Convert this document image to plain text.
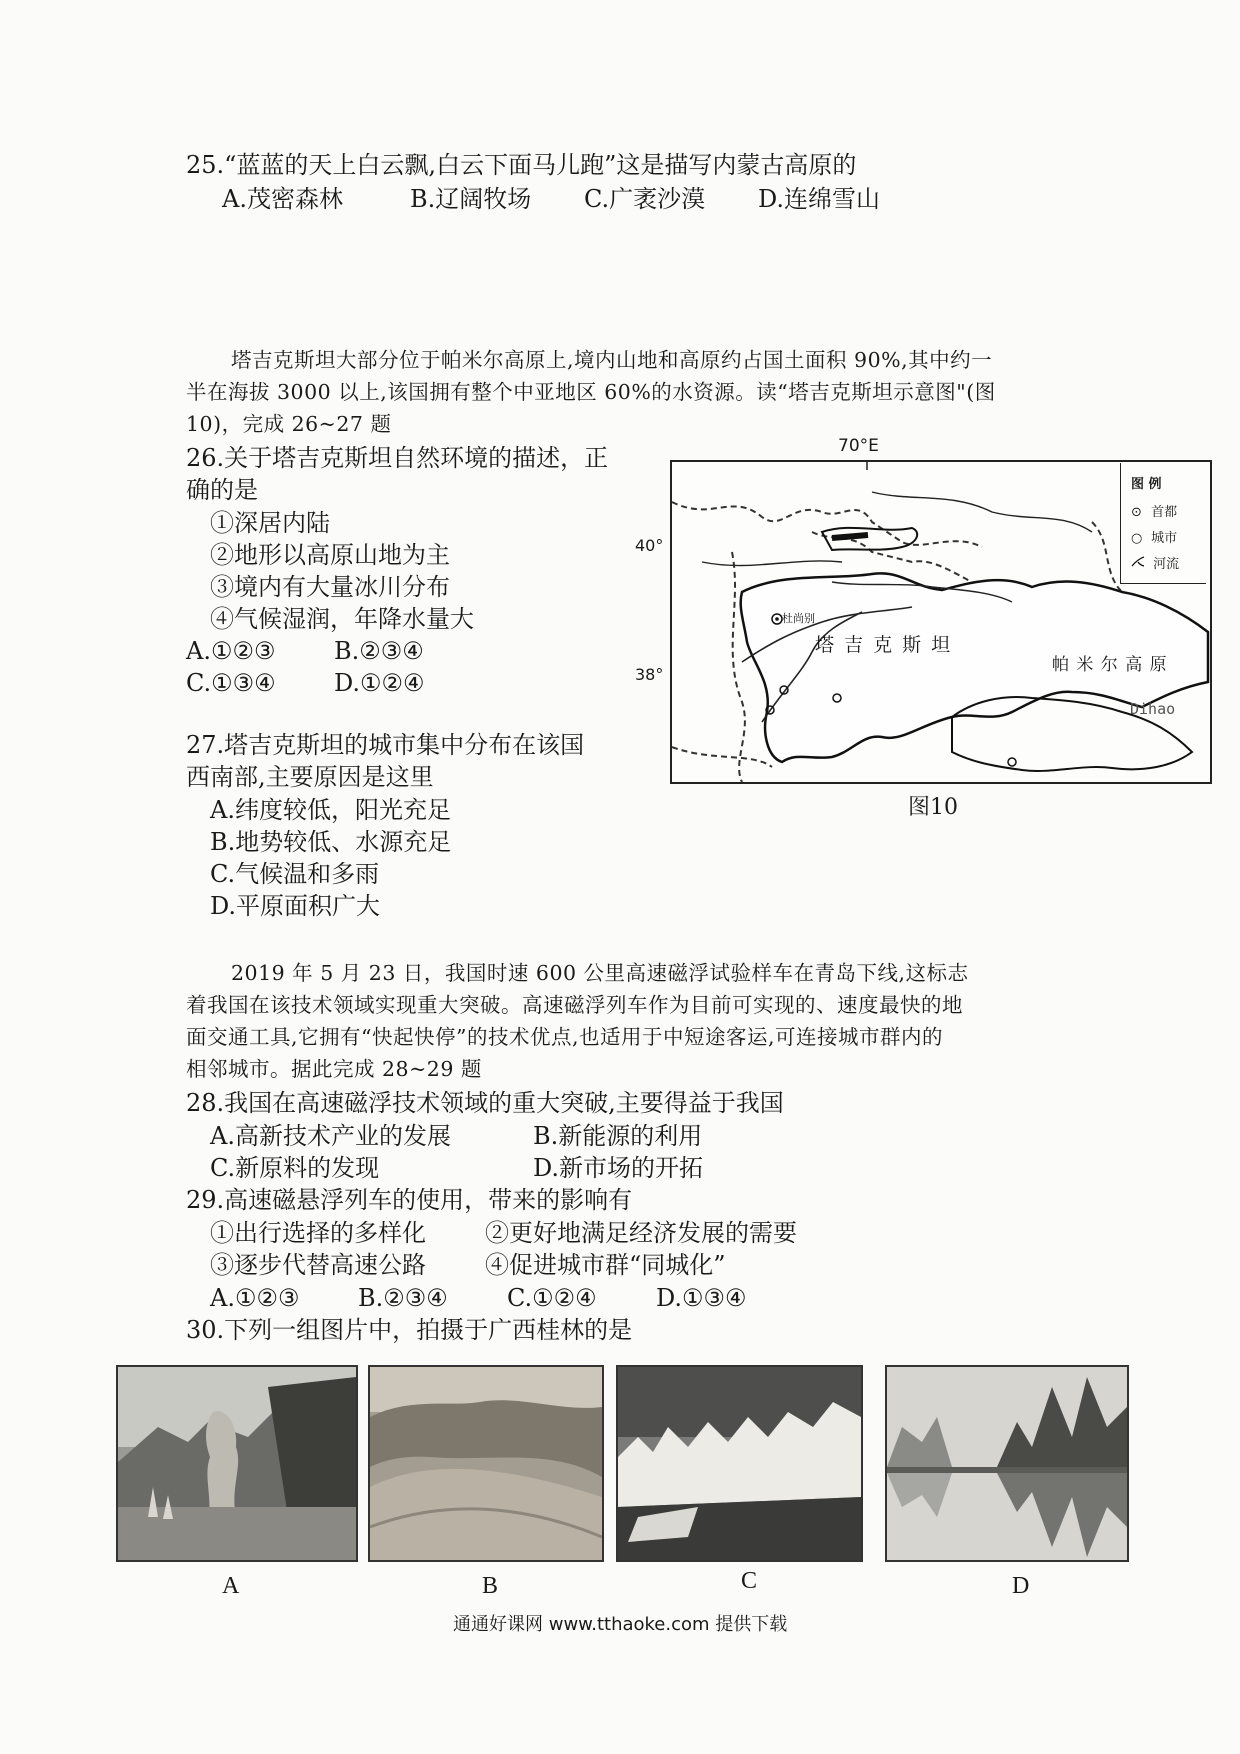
25.“蓝蓝的天上白云飘,白云下面马儿跑”这是描写内蒙古高原的
A.茂密森林	B.辽阔牧场 C.广袤沙漠 D.连绵雪山

塔吉克斯坦大部分位于帕米尔高原上,境内山地和高原约占国土面积 90%,其中约一

半在海拔 3000 以上,该国拥有整个中亚地区 60%的水资源。读“塔吉克斯坦示意图"(图

10)，完成 26~27 题

26.关于塔吉克斯坦自然环境的描述，正
确的是
①深居内陆
②地形以高原山地为主
③境内有大量冰川分布
④气候湿润，年降水量大
A.①②③ B.②③④
C.①③④ D.①②④
27.塔吉克斯坦的城市集中分布在该国
西南部,主要原因是这里
A.纬度较低，阳光充足
B.地势较低、水源充足
C.气候温和多雨
D.平原面积广大
70°E
40°
38°
杜尚别
塔 吉 克 斯 坦
帕 米 尔 高 原
Dihao
图 例
⊙ 首都
○ 城市
河流
图10

2019 年 5 月 23 日，我国时速 600 公里高速磁浮试验样车在青岛下线,这标志

着我国在该技术领域实现重大突破。高速磁浮列车作为目前可实现的、速度最快的地

面交通工具,它拥有“快起快停”的技术优点,也适用于中短途客运,可连接城市群内的

相邻城市。据此完成 28~29 题

28.我国在高速磁浮技术领域的重大突破,主要得益于我国
A.高新技术产业的发展	B.新能源的利用
C.新原料的发现	D.新市场的开拓
29.高速磁悬浮列车的使用，带来的影响有
①出行选择的多样化 ②更好地满足经济发展的需要
③逐步代替高速公路 ④促进城市群“同城化”
A.①②③ B.②③④ C.①②④ D.①③④
30.下列一组图片中，拍摄于广西桂林的是
A	B	C	D
通通好课网 www.tthaoke.com 提供下载
